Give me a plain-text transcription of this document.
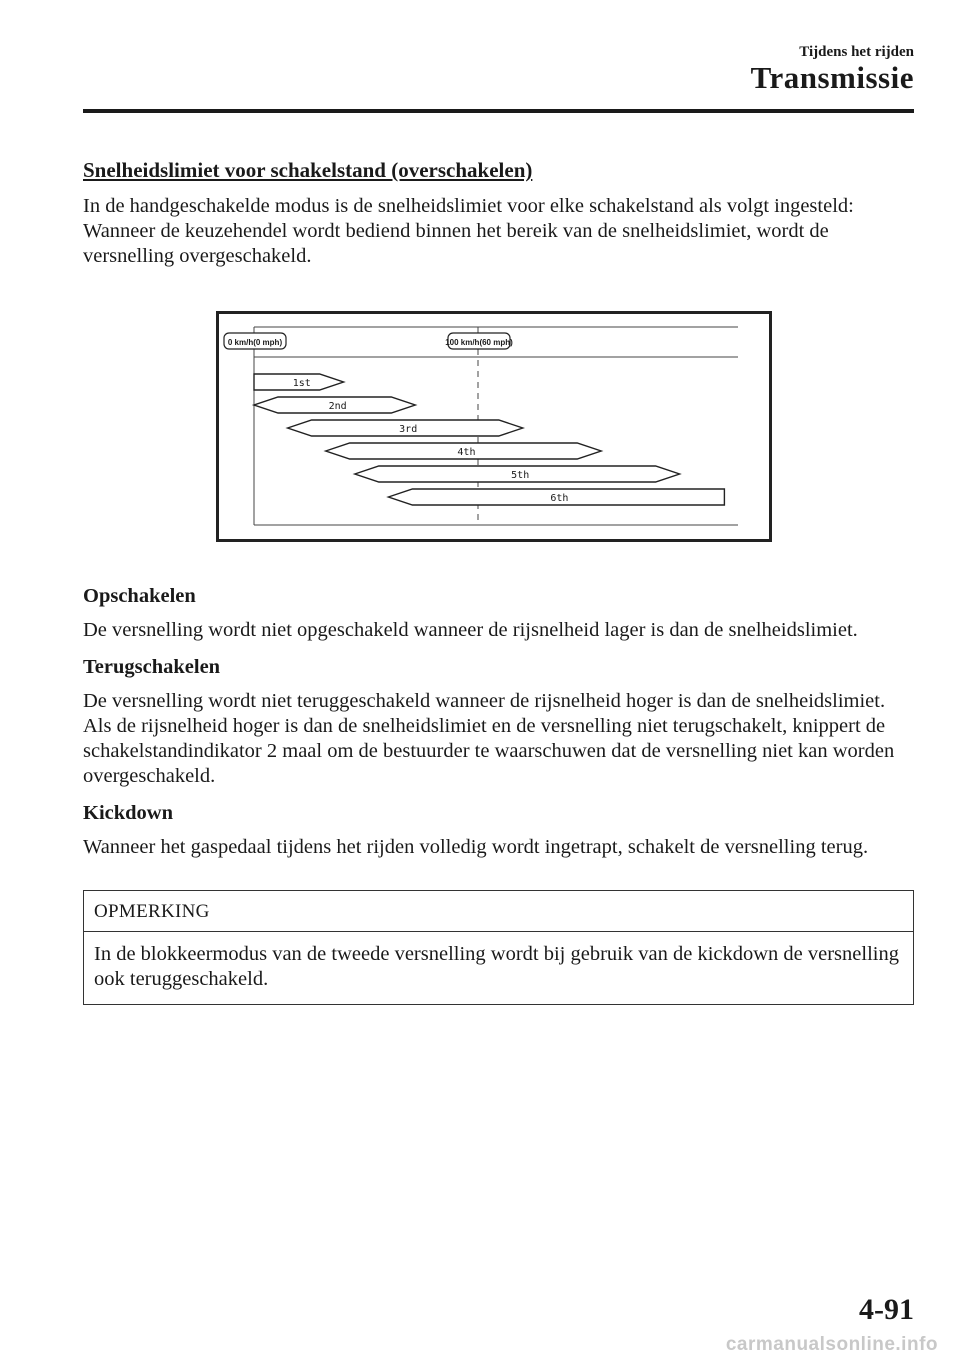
Tijdens het rijden
Transmissie
Snelheidslimiet voor schakelstand (overschakelen)

In de handgeschakelde modus is de snelheidslimiet voor elke schakelstand als volgt ingesteld: Wanneer de keuzehendel wordt bediend binnen het bereik van de snelheidslimiet, wordt de versnelling overgeschakeld.

0 km/h(0 mph)	100 km/h(60 mph)
1st
2nd
3rd
4th
5th
6th
Opschakelen

De versnelling wordt niet opgeschakeld wanneer de rijsnelheid lager is dan de snelheidslimiet.

Terugschakelen

De versnelling wordt niet teruggeschakeld wanneer de rijsnelheid hoger is dan de snelheidslimiet.

Als de rijsnelheid hoger is dan de snelheidslimiet en de versnelling niet terugschakelt, knippert de schakelstandindikator 2 maal om de bestuurder te waarschuwen dat de versnelling niet kan worden overgeschakeld.

Kickdown

Wanneer het gaspedaal tijdens het rijden volledig wordt ingetrapt, schakelt de versnelling terug.

OPMERKING
In de blokkeermodus van de tweede versnelling wordt bij gebruik van de kickdown de versnelling ook teruggeschakeld.
4-91
carmanualsonline.info
